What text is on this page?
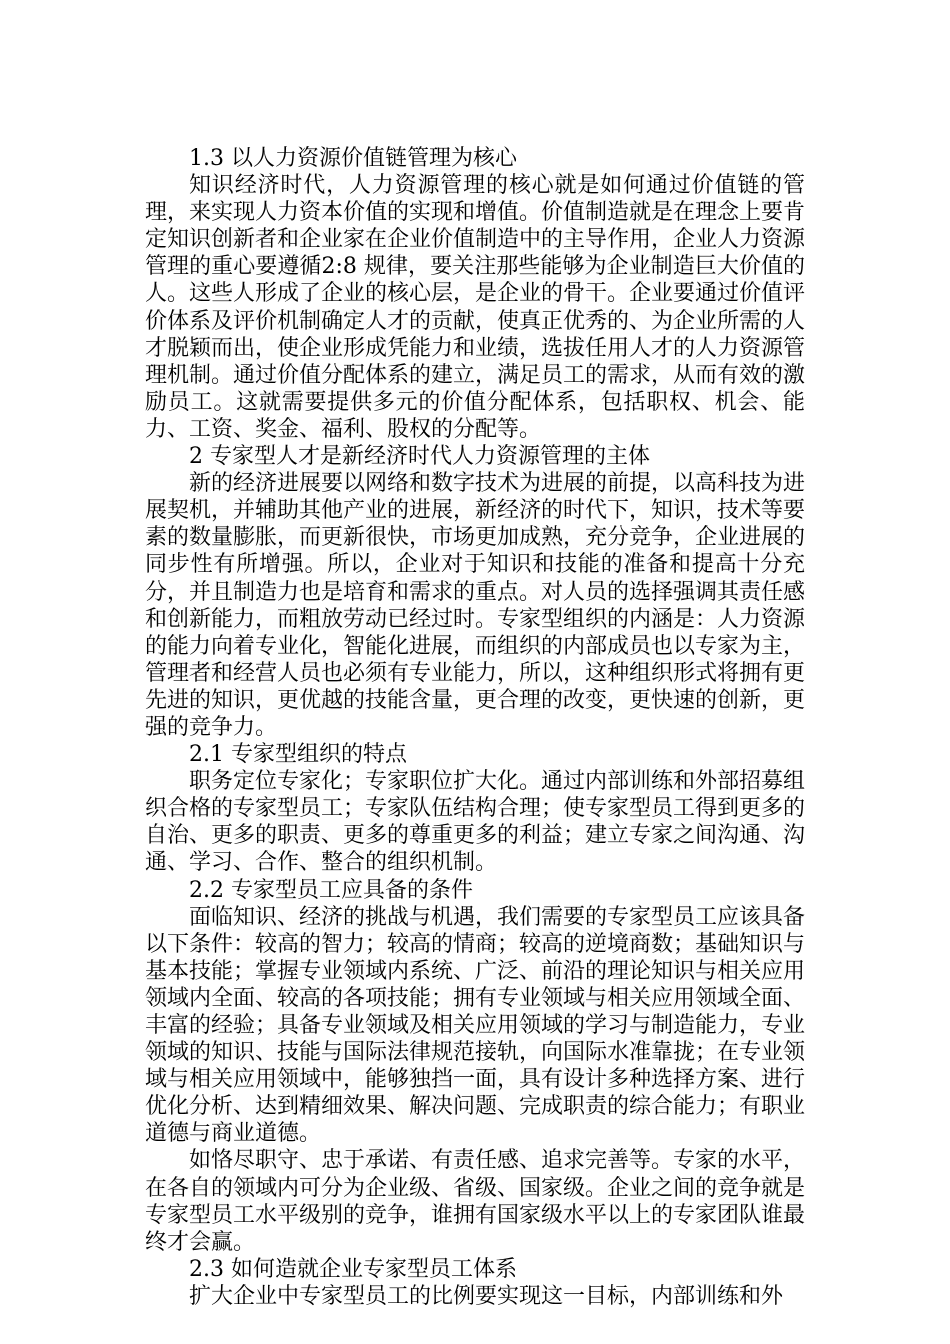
1.3 以人力资源价值链管理为核心
知识经济时代，人力资源管理的核心就是如何通过价值链的管理，来实现人力资本价值的实现和增值。价值制造就是在理念上要肯定知识创新者和企业家在企业价值制造中的主导作用，企业人力资源管理的重心要遵循2:8 规律，要关注那些能够为企业制造巨大价值的人。这些人形成了企业的核心层，是企业的骨干。企业要通过价值评价体系及评价机制确定人才的贡献，使真正优秀的、为企业所需的人才脱颖而出，使企业形成凭能力和业绩，选拔任用人才的人力资源管理机制。通过价值分配体系的建立，满足员工的需求，从而有效的激励员工。这就需要提供多元的价值分配体系，包括职权、机会、能力、工资、奖金、福利、股权的分配等。
2 专家型人才是新经济时代人力资源管理的主体
新的经济进展要以网络和数字技术为进展的前提，以高科技为进展契机，并辅助其他产业的进展，新经济的时代下，知识，技术等要素的数量膨胀，而更新很快，市场更加成熟，充分竞争，企业进展的同步性有所增强。所以，企业对于知识和技能的准备和提高十分充分，并且制造力也是培育和需求的重点。对人员的选择强调其责任感和创新能力，而粗放劳动已经过时。专家型组织的内涵是：人力资源的能力向着专业化，智能化进展，而组织的内部成员也以专家为主，管理者和经营人员也必须有专业能力，所以，这种组织形式将拥有更先进的知识，更优越的技能含量，更合理的改变，更快速的创新，更强的竞争力。
2.1 专家型组织的特点
职务定位专家化；专家职位扩大化。通过内部训练和外部招募组织合格的专家型员工；专家队伍结构合理；使专家型员工得到更多的自治、更多的职责、更多的尊重更多的利益；建立专家之间沟通、沟通、学习、合作、整合的组织机制。
2.2 专家型员工应具备的条件
面临知识、经济的挑战与机遇，我们需要的专家型员工应该具备以下条件：较高的智力；较高的情商；较高的逆境商数；基础知识与基本技能；掌握专业领域内系统、广泛、前沿的理论知识与相关应用领域内全面、较高的各项技能；拥有专业领域与相关应用领域全面、丰富的经验；具备专业领域及相关应用领域的学习与制造能力，专业领域的知识、技能与国际法律规范接轨，向国际水准靠拢；在专业领域与相关应用领域中，能够独挡一面，具有设计多种选择方案、进行优化分析、达到精细效果、解决问题、完成职责的综合能力；有职业道德与商业道德。
如恪尽职守、忠于承诺、有责任感、追求完善等。专家的水平，在各自的领域内可分为企业级、省级、国家级。企业之间的竞争就是专家型员工水平级别的竞争，谁拥有国家级水平以上的专家团队谁最终才会赢。
2.3 如何造就企业专家型员工体系
扩大企业中专家型员工的比例要实现这一目标，内部训练和外
